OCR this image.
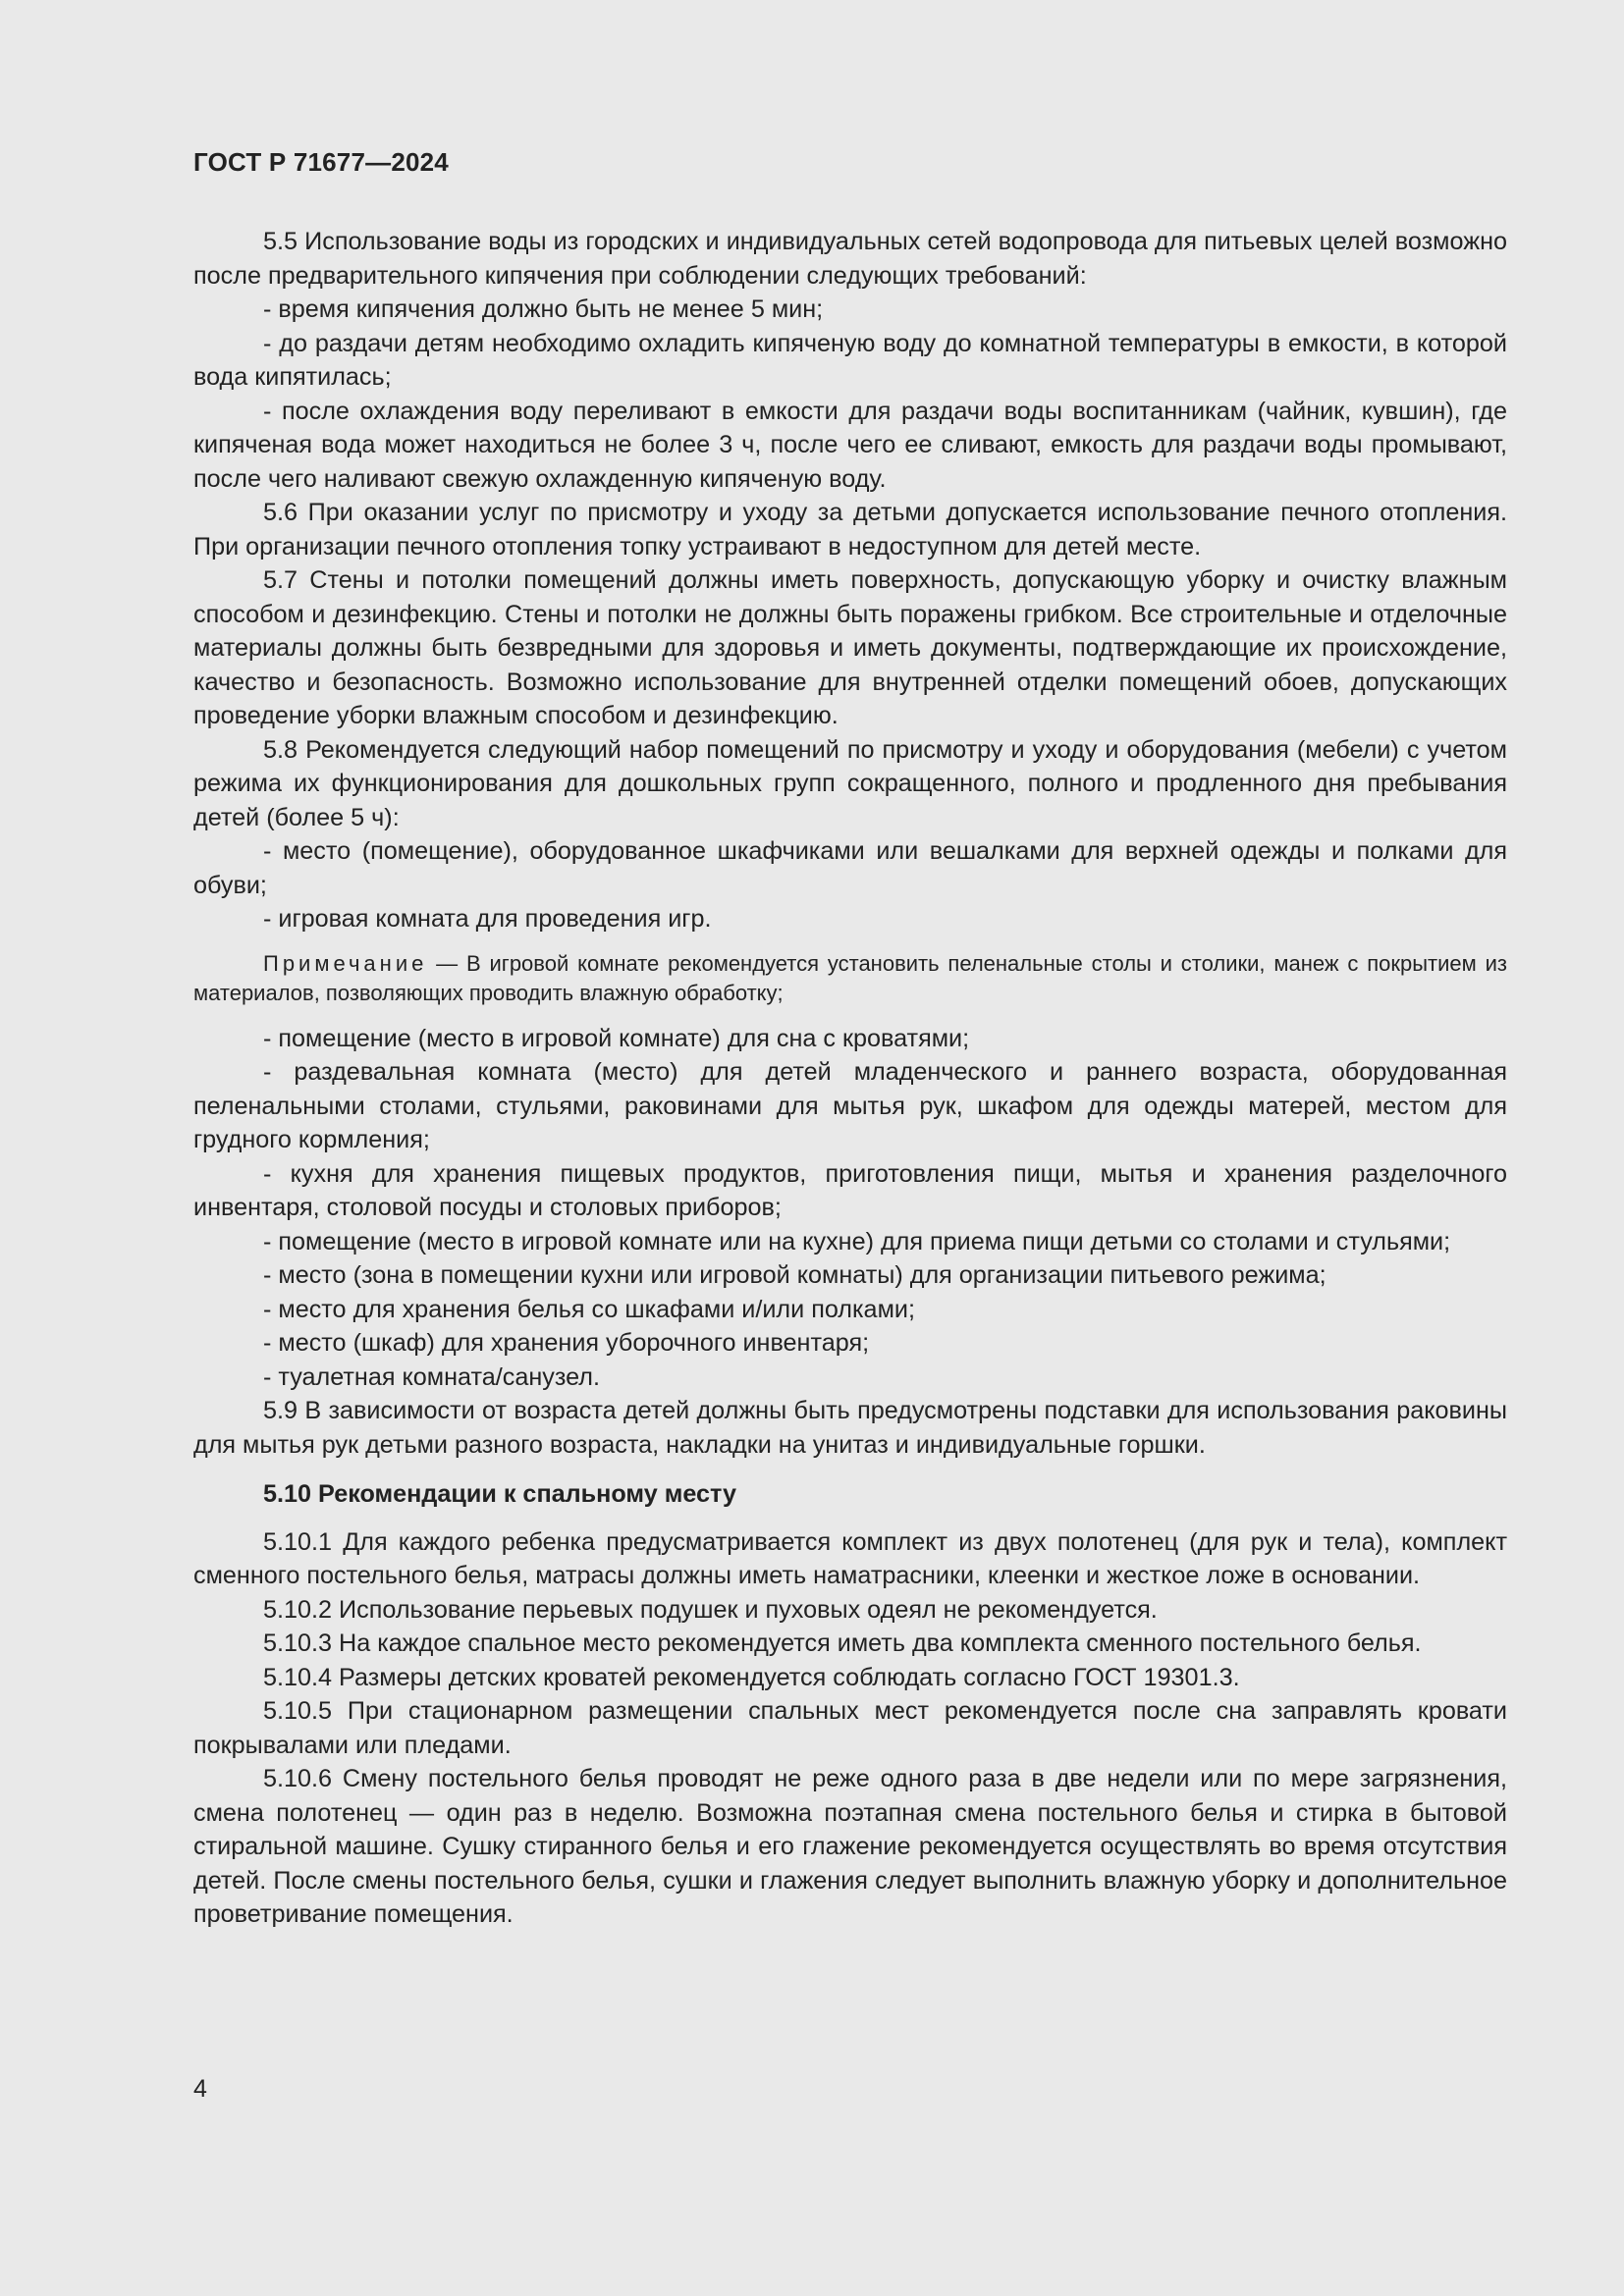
ГОСТ Р 71677—2024

5.5 Использование воды из городских и индивидуальных сетей водопровода для питьевых целей возможно после предварительного кипячения при соблюдении следующих требований:

- время кипячения должно быть не менее 5 мин;

- до раздачи детям необходимо охладить кипяченую воду до комнатной температуры в емкости, в которой вода кипятилась;

- после охлаждения воду переливают в емкости для раздачи воды воспитанникам (чайник, кувшин), где кипяченая вода может находиться не более 3 ч, после чего ее сливают, емкость для раздачи воды промывают, после чего наливают свежую охлажденную кипяченую воду.

5.6 При оказании услуг по присмотру и уходу за детьми допускается использование печного отопления. При организации печного отопления топку устраивают в недоступном для детей месте.

5.7 Стены и потолки помещений должны иметь поверхность, допускающую уборку и очистку влажным способом и дезинфекцию. Стены и потолки не должны быть поражены грибком. Все строительные и отделочные материалы должны быть безвредными для здоровья и иметь документы, подтверждающие их происхождение, качество и безопасность. Возможно использование для внутренней отделки помещений обоев, допускающих проведение уборки влажным способом и дезинфекцию.

5.8 Рекомендуется следующий набор помещений по присмотру и уходу и оборудования (мебели) с учетом режима их функционирования для дошкольных групп сокращенного, полного и продленного дня пребывания детей (более 5 ч):

- место (помещение), оборудованное шкафчиками или вешалками для верхней одежды и полками для обуви;

- игровая комната для проведения игр.

Примечание — В игровой комнате рекомендуется установить пеленальные столы и столики, манеж с покрытием из материалов, позволяющих проводить влажную обработку;

- помещение (место в игровой комнате) для сна с кроватями;

- раздевальная комната (место) для детей младенческого и раннего возраста, оборудованная пеленальными столами, стульями, раковинами для мытья рук, шкафом для одежды матерей, местом для грудного кормления;

- кухня для хранения пищевых продуктов, приготовления пищи, мытья и хранения разделочного инвентаря, столовой посуды и столовых приборов;

- помещение (место в игровой комнате или на кухне) для приема пищи детьми со столами и стульями;

- место (зона в помещении кухни или игровой комнаты) для организации питьевого режима;

- место для хранения белья со шкафами и/или полками;

- место (шкаф) для хранения уборочного инвентаря;

- туалетная комната/санузел.

5.9 В зависимости от возраста детей должны быть предусмотрены подставки для использования раковины для мытья рук детьми разного возраста, накладки на унитаз и индивидуальные горшки.

5.10 Рекомендации к спальному месту

5.10.1 Для каждого ребенка предусматривается комплект из двух полотенец (для рук и тела), комплект сменного постельного белья, матрасы должны иметь наматрасники, клеенки и жесткое ложе в основании.

5.10.2 Использование перьевых подушек и пуховых одеял не рекомендуется.

5.10.3 На каждое спальное место рекомендуется иметь два комплекта сменного постельного белья.

5.10.4 Размеры детских кроватей рекомендуется соблюдать согласно ГОСТ 19301.3.

5.10.5 При стационарном размещении спальных мест рекомендуется после сна заправлять кровати покрывалами или пледами.

5.10.6 Смену постельного белья проводят не реже одного раза в две недели или по мере загрязнения, смена полотенец — один раз в неделю. Возможна поэтапная смена постельного белья и стирка в бытовой стиральной машине. Сушку стиранного белья и его глажение рекомендуется осуществлять во время отсутствия детей. После смены постельного белья, сушки и глажения следует выполнить влажную уборку и дополнительное проветривание помещения.

4
